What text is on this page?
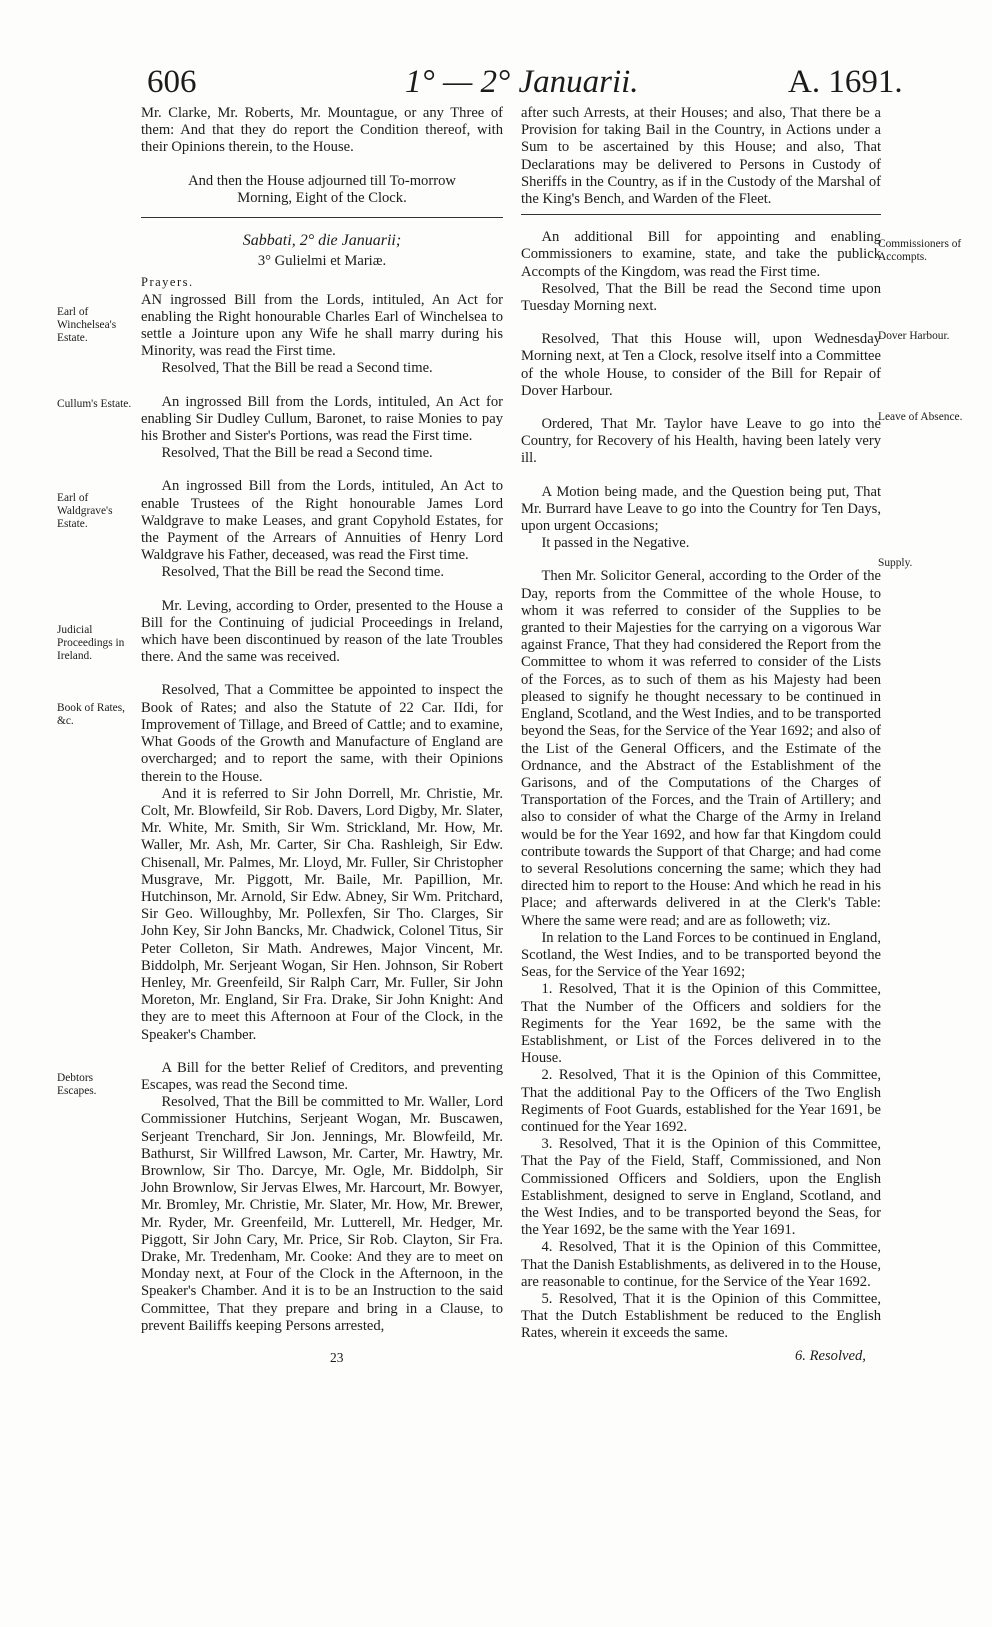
606	1° — 2° Januarii.	A. 1691.

Mr. Clarke, Mr. Roberts, Mr. Mountague, or any Three of them: And that they do report the Condition thereof, with their Opinions therein, to the House.

And then the House adjourned till To-morrow Morning, Eight of the Clock.

Sabbati, 2° die Januarii;

3° Gulielmi et Mariæ.

Prayers.

AN ingrossed Bill from the Lords, intituled, An Act for enabling the Right honourable Charles Earl of Winchelsea to settle a Jointure upon any Wife he shall marry during his Minority, was read the First time.

Resolved, That the Bill be read a Second time.

An ingrossed Bill from the Lords, intituled, An Act for enabling Sir Dudley Cullum, Baronet, to raise Monies to pay his Brother and Sister's Portions, was read the First time.

Resolved, That the Bill be read a Second time.

An ingrossed Bill from the Lords, intituled, An Act to enable Trustees of the Right honourable James Lord Waldgrave to make Leases, and grant Copyhold Estates, for the Payment of the Arrears of Annuities of Henry Lord Waldgrave his Father, deceased, was read the First time.

Resolved, That the Bill be read the Second time.

Mr. Leving, according to Order, presented to the House a Bill for the Continuing of judicial Proceedings in Ireland, which have been discontinued by reason of the late Troubles there. And the same was received.

Resolved, That a Committee be appointed to inspect the Book of Rates; and also the Statute of 22 Car. IIdi, for Improvement of Tillage, and Breed of Cattle; and to examine, What Goods of the Growth and Manufacture of England are overcharged; and to report the same, with their Opinions therein to the House.

And it is referred to Sir John Dorrell, Mr. Christie, Mr. Colt, Mr. Blowfeild, Sir Rob. Davers, Lord Digby, Mr. Slater, Mr. White, Mr. Smith, Sir Wm. Strickland, Mr. How, Mr. Waller, Mr. Ash, Mr. Carter, Sir Cha. Rashleigh, Sir Edw. Chisenall, Mr. Palmes, Mr. Lloyd, Mr. Fuller, Sir Christopher Musgrave, Mr. Piggott, Mr. Baile, Mr. Papillion, Mr. Hutchinson, Mr. Arnold, Sir Edw. Abney, Sir Wm. Pritchard, Sir Geo. Willoughby, Mr. Pollexfen, Sir Tho. Clarges, Sir John Key, Sir John Bancks, Mr. Chadwick, Colonel Titus, Sir Peter Colleton, Sir Math. Andrewes, Major Vincent, Mr. Biddolph, Mr. Serjeant Wogan, Sir Hen. Johnson, Sir Robert Henley, Mr. Greenfeild, Sir Ralph Carr, Mr. Fuller, Sir John Moreton, Mr. England, Sir Fra. Drake, Sir John Knight: And they are to meet this Afternoon at Four of the Clock, in the Speaker's Chamber.

A Bill for the better Relief of Creditors, and preventing Escapes, was read the Second time.

Resolved, That the Bill be committed to Mr. Waller, Lord Commissioner Hutchins, Serjeant Wogan, Mr. Buscawen, Serjeant Trenchard, Sir Jon. Jennings, Mr. Blowfeild, Mr. Bathurst, Sir Willfred Lawson, Mr. Carter, Mr. Hawtry, Mr. Brownlow, Sir Tho. Darcye, Mr. Ogle, Mr. Biddolph, Sir John Brownlow, Sir Jervas Elwes, Mr. Harcourt, Mr. Bowyer, Mr. Bromley, Mr. Christie, Mr. Slater, Mr. How, Mr. Brewer, Mr. Ryder, Mr. Greenfeild, Mr. Lutterell, Mr. Hedger, Mr. Piggott, Sir John Cary, Mr. Price, Sir Rob. Clayton, Sir Fra. Drake, Mr. Tredenham, Mr. Cooke: And they are to meet on Monday next, at Four of the Clock in the Afternoon, in the Speaker's Chamber. And it is to be an Instruction to the said Committee, That they prepare and bring in a Clause, to prevent Bailiffs keeping Persons arrested,

after such Arrests, at their Houses; and also, That there be a Provision for taking Bail in the Country, in Actions under a Sum to be ascertained by this House; and also, That Declarations may be delivered to Persons in Custody of Sheriffs in the Country, as if in the Custody of the Marshal of the King's Bench, and Warden of the Fleet.

An additional Bill for appointing and enabling Commissioners to examine, state, and take the publick Accompts of the Kingdom, was read the First time.

Resolved, That the Bill be read the Second time upon Tuesday Morning next.

Resolved, That this House will, upon Wednesday Morning next, at Ten a Clock, resolve itself into a Committee of the whole House, to consider of the Bill for Repair of Dover Harbour.

Ordered, That Mr. Taylor have Leave to go into the Country, for Recovery of his Health, having been lately very ill.

A Motion being made, and the Question being put, That Mr. Burrard have Leave to go into the Country for Ten Days, upon urgent Occasions;

It passed in the Negative.

Then Mr. Solicitor General, according to the Order of the Day, reports from the Committee of the whole House, to whom it was referred to consider of the Supplies to be granted to their Majesties for the carrying on a vigorous War against France, That they had considered the Report from the Committee to whom it was referred to consider of the Lists of the Forces, as to such of them as his Majesty had been pleased to signify he thought necessary to be continued in England, Scotland, and the West Indies, and to be transported beyond the Seas, for the Service of the Year 1692; and also of the List of the General Officers, and the Estimate of the Ordnance, and the Abstract of the Establishment of the Garisons, and of the Computations of the Charges of Transportation of the Forces, and the Train of Artillery; and also to consider of what the Charge of the Army in Ireland would be for the Year 1692, and how far that Kingdom could contribute towards the Support of that Charge; and had come to several Resolutions concerning the same; which they had directed him to report to the House: And which he read in his Place; and afterwards delivered in at the Clerk's Table: Where the same were read; and are as followeth; viz.

In relation to the Land Forces to be continued in England, Scotland, the West Indies, and to be transported beyond the Seas, for the Service of the Year 1692;

1. Resolved, That it is the Opinion of this Committee, That the Number of the Officers and soldiers for the Regiments for the Year 1692, be the same with the Establishment, or List of the Forces delivered in to the House.

2. Resolved, That it is the Opinion of this Committee, That the additional Pay to the Officers of the Two English Regiments of Foot Guards, established for the Year 1691, be continued for the Year 1692.

3. Resolved, That it is the Opinion of this Committee, That the Pay of the Field, Staff, Commissioned, and Non Commissioned Officers and Soldiers, upon the English Establishment, designed to serve in England, Scotland, and the West Indies, and to be transported beyond the Seas, for the Year 1692, be the same with the Year 1691.

4. Resolved, That it is the Opinion of this Committee, That the Danish Establishments, as delivered in to the House, are reasonable to continue, for the Service of the Year 1692.

5. Resolved, That it is the Opinion of this Committee, That the Dutch Establishment be reduced to the English Rates, wherein it exceeds the same.

Earl of Winchelsea's Estate.
Cullum's Estate.
Earl of Waldgrave's Estate.
Judicial Proceedings in Ireland.
Book of Rates, &c.
Debtors Escapes.
Commissioners of Accompts.
Dover Harbour.
Leave of Absence.
Supply.
23	6. Resolved,
